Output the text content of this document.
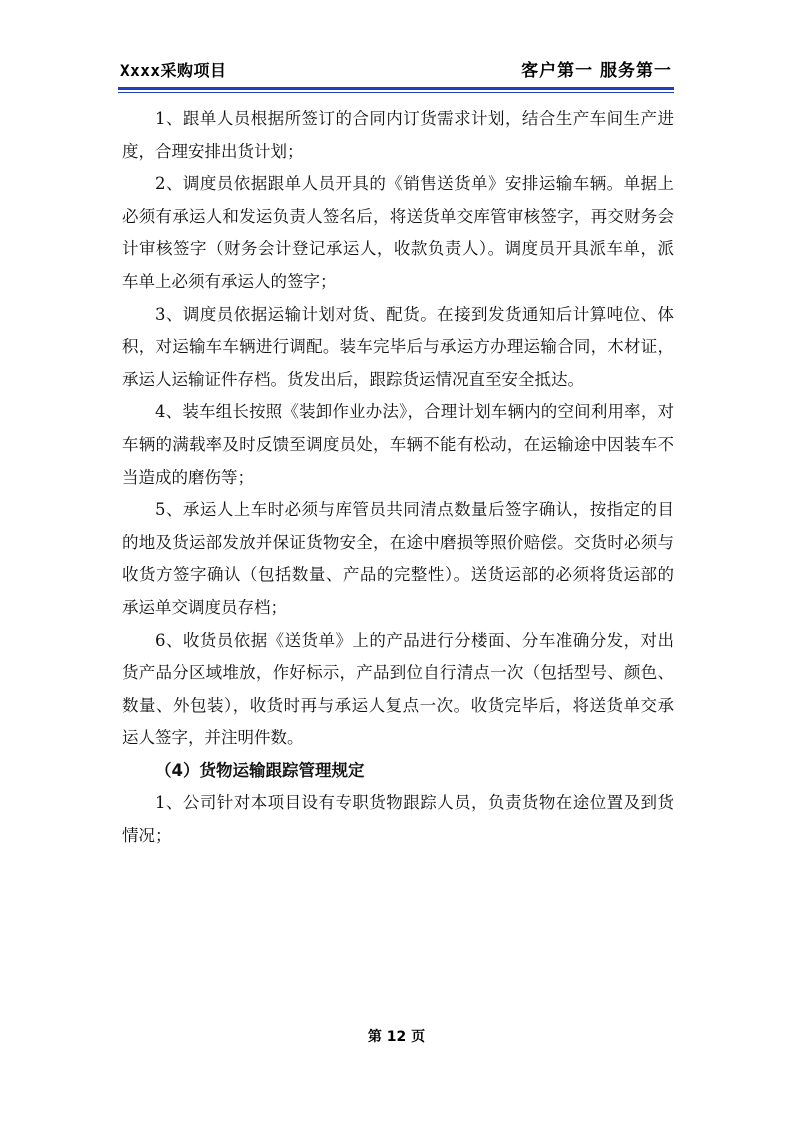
Xxxx采购项目	客户第一 服务第一

1、跟单人员根据所签订的合同内订货需求计划，结合生产车间生产进度，合理安排出货计划；

2、调度员依据跟单人员开具的《销售送货单》安排运输车辆。单据上必须有承运人和发运负责人签名后，将送货单交库管审核签字，再交财务会计审核签字（财务会计登记承运人，收款负责人）。调度员开具派车单，派车单上必须有承运人的签字；

3、调度员依据运输计划对货、配货。在接到发货通知后计算吨位、体积，对运输车车辆进行调配。装车完毕后与承运方办理运输合同，木材证，承运人运输证件存档。货发出后，跟踪货运情况直至安全抵达。

4、装车组长按照《装卸作业办法》，合理计划车辆内的空间利用率，对车辆的满载率及时反馈至调度员处，车辆不能有松动，在运输途中因装车不当造成的磨伤等；

5、承运人上车时必须与库管员共同清点数量后签字确认，按指定的目的地及货运部发放并保证货物安全，在途中磨损等照价赔偿。交货时必须与收货方签字确认（包括数量、产品的完整性）。送货运部的必须将货运部的承运单交调度员存档；

6、收货员依据《送货单》上的产品进行分楼面、分车准确分发，对出货产品分区域堆放，作好标示，产品到位自行清点一次（包括型号、颜色、数量、外包装），收货时再与承运人复点一次。收货完毕后，将送货单交承运人签字，并注明件数。

（4）货物运输跟踪管理规定

1、公司针对本项目设有专职货物跟踪人员，负责货物在途位置及到货情况；

第 12 页
